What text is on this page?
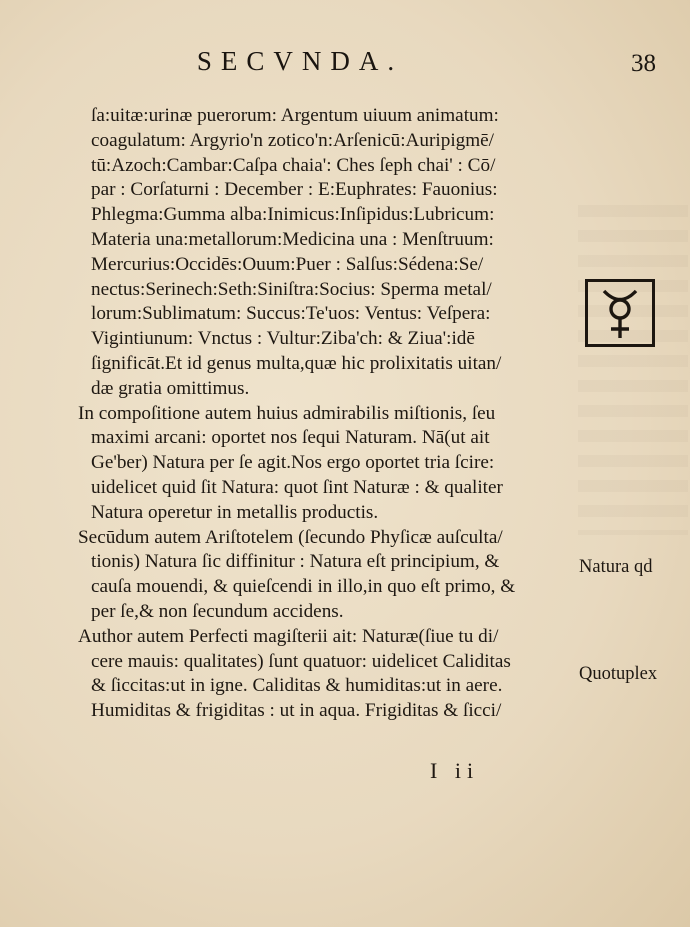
SECVNDA.	38
ſa:uitæ:urinæ puerorum: Argentum uiuum animatum:
coagulatum: Argyrio'n zotico'n:Arſenicū:Auripigmē/
tū:Azoch:Cambar:Caſpa chaia': Ches ſeph chai' : Cō/
par : Corſaturni : December : E:Euphrates: Fauonius:
Phlegma:Gumma alba:Inimicus:Inſipidus:Lubricum:
Materia una:metallorum:Medicina una : Menſtruum:
Mercurius:Occidēs:Ouum:Puer : Salſus:Sédena:Se/
nectus:Serinech:Seth:Siniſtra:Socius: Sperma metal/
lorum:Sublimatum: Succus:Te'uos: Ventus: Veſpera:
Vigintiunum: Vnctus : Vultur:Ziba'ch: & Ziua':idē
ſignificāt.Et id genus multa,quæ hic prolixitatis uitan/
dæ gratia omittimus.
In compoſitione autem huius admirabilis miſtionis, ſeu
maximi arcani: oportet nos ſequi Naturam. Nā(ut ait
Ge'ber) Natura per ſe agit.Nos ergo oportet tria ſcire:
uidelicet quid ſit Natura: quot ſint Naturæ : & qualiter
Natura operetur in metallis productis.
Secūdum autem Ariſtotelem (ſecundo Phyſicæ auſculta/
tionis) Natura ſic diffinitur : Natura eſt principium, &
cauſa mouendi, & quieſcendi in illo,in quo eſt primo, &
per ſe,& non ſecundum accidens.
Author autem Perfecti magiſterii ait: Naturæ(ſiue tu di/
cere mauis: qualitates) ſunt quatuor: uidelicet Caliditas
& ſiccitas:ut in igne. Caliditas & humiditas:ut in aere.
Humiditas & frigiditas : ut in aqua. Frigiditas & ſicci/
Natura qd
Quotuplex
I ii
